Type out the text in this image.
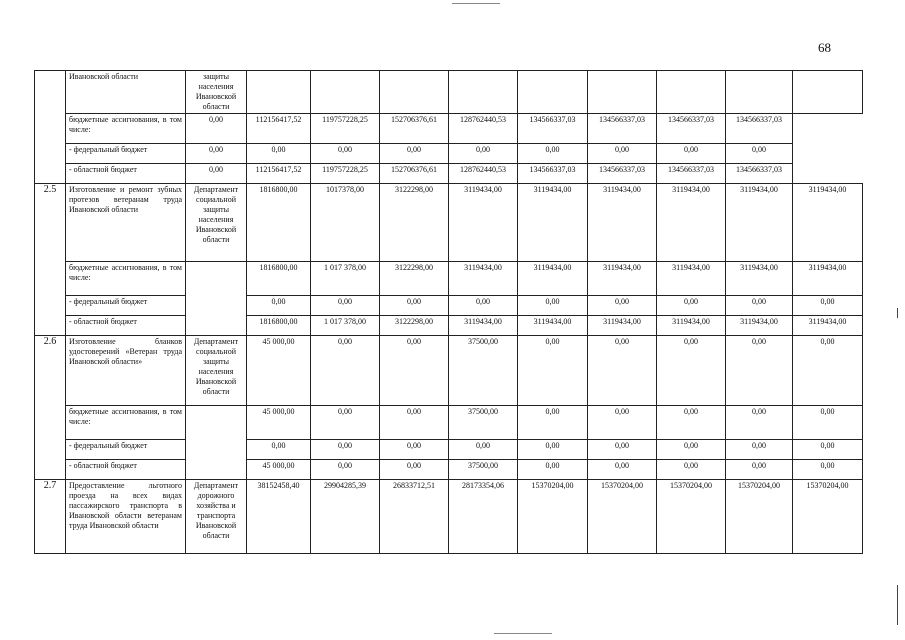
68
	Ивановской области	защиты населения Ивановской области									
	бюджетные ассигнования, в том числе:	0,00	112156417,52	119757228,25	152706376,61	128762440,53	134566337,03	134566337,03	134566337,03	134566337,03	
	- федеральный бюджет	0,00	0,00	0,00	0,00	0,00	0,00	0,00	0,00	0,00	
	- областной бюджет	0,00	112156417,52	119757228,25	152706376,61	128762440,53	134566337,03	134566337,03	134566337,03	134566337,03	
2.5	Изготовление и ремонт зубных протезов ветеранам труда Ивановской области	Департамент социальной защиты населения Ивановской области	1816800,00	1017378,00	3122298,00	3119434,00	3119434,00	3119434,00	3119434,00	3119434,00	3119434,00
	бюджетные ассигнования, в том числе:		1816800,00	1 017 378,00	3122298,00	3119434,00	3119434,00	3119434,00	3119434,00	3119434,00	3119434,00
	- федеральный бюджет		0,00	0,00	0,00	0,00	0,00	0,00	0,00	0,00	0,00
	- областной бюджет		1816800,00	1 017 378,00	3122298,00	3119434,00	3119434,00	3119434,00	3119434,00	3119434,00	3119434,00
2.6	Изготовление бланков удостоверений «Ветеран труда Ивановской области»	Департамент социальной защиты населения Ивановской области	45 000,00	0,00	0,00	37500,00	0,00	0,00	0,00	0,00	0,00
	бюджетные ассигнования, в том числе:		45 000,00	0,00	0,00	37500,00	0,00	0,00	0,00	0,00	0,00
	- федеральный бюджет		0,00	0,00	0,00	0,00	0,00	0,00	0,00	0,00	0,00
	- областной бюджет		45 000,00	0,00	0,00	37500,00	0,00	0,00	0,00	0,00	0,00
2.7	Предоставление льготного проезда на всех видах пассажирского транспорта в Ивановской области ветеранам труда Ивановской области	Департамент дорожного хозяйства и транспорта Ивановской области	38152458,40	29904285,39	26833712,51	28173354,06	15370204,00	15370204,00	15370204,00	15370204,00	15370204,00
